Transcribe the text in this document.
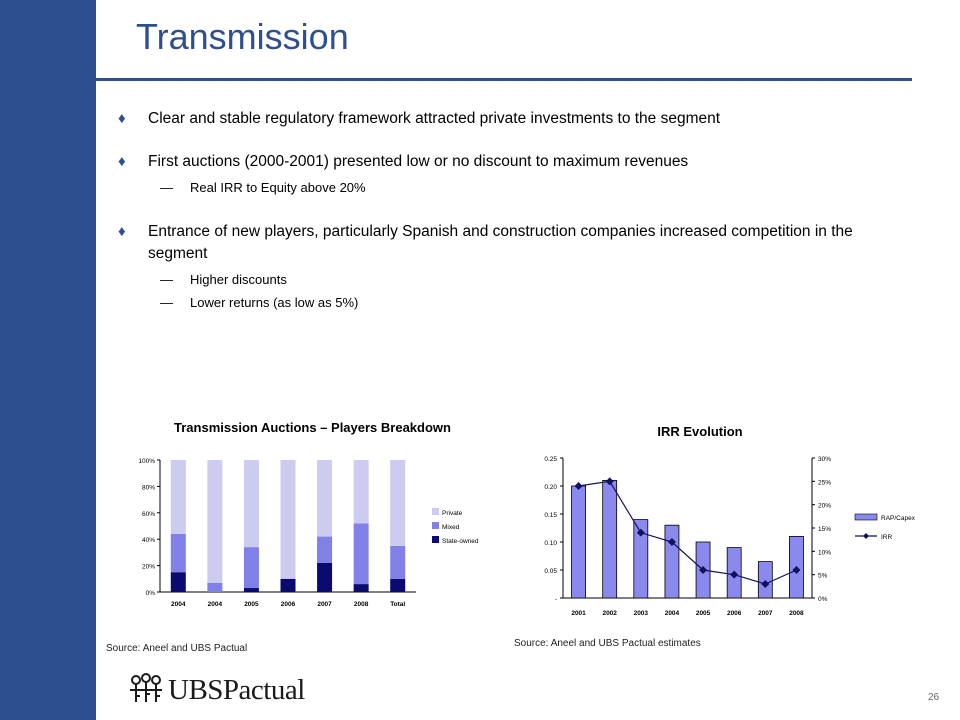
Transmission
♦ Clear and stable regulatory framework attracted private investments to the segment
♦ First auctions (2000-2001) presented low or no discount to maximum revenues
— Real IRR to Equity above 20%
♦ Entrance of new players, particularly Spanish and construction companies increased competition in the segment
— Higher discounts
— Lower returns (as low as 5%)
Transmission Auctions – Players Breakdown	IRR Evolution
0%
20%
40%
60%
80%
100%
2004	2004	2005	2006	2007	2008	Total
Private
Mixed
State-owned
-
0.05
0.10
0.15
0.20
0.25
0%
5%
10%
15%
20%
25%
30%
2001	2002	2003	2004	2005	2006	2007	2008
RAP/Capex
IRR
Source: Aneel and UBS Pactual	Source: Aneel and UBS Pactual estimates
UBSPactual	26
